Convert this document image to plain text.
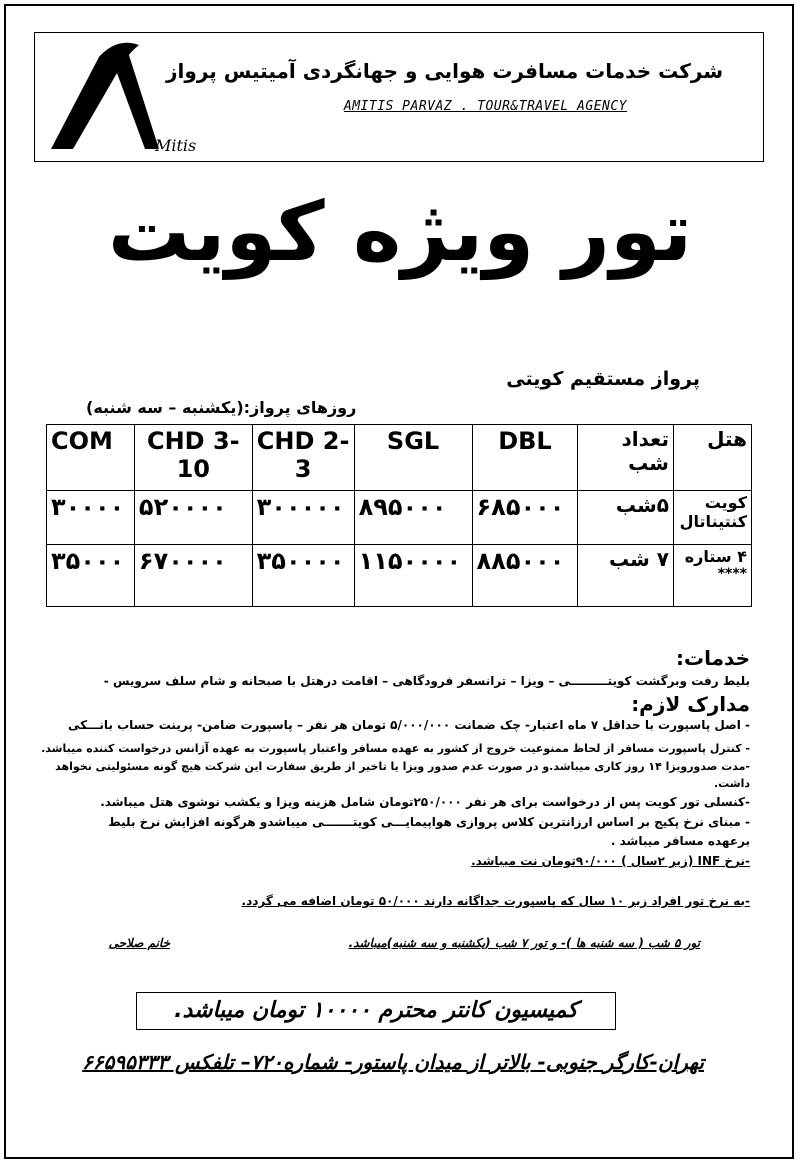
Mitis
شرکت خدمات مسافرت هوایی و جهانگردی آمیتیس پرواز
AMITIS PARVAZ . TOUR&TRAVEL AGENCY
تور ویژه کویت
پرواز مستقیم کویتی
روزهای پرواز:(یکشنبه – سه شنبه)
COM	CHD 3-10	CHD 2-3	SGL	DBL	تعداد شب	هتل
۳۰۰۰۰	۵۲۰۰۰۰	۳۰۰۰۰۰	۸۹۵۰۰۰	۶۸۵۰۰۰	۵شب	کویت کنتیناتال
۳۵۰۰۰	۶۷۰۰۰۰	۳۵۰۰۰۰	۱۱۵۰۰۰۰	۸۸۵۰۰۰	۷ شب	۴ ستاره
****
خدمات:
بلیط رفت وبرگشت کویتـــــــــی – ویزا – ترانسفر فرودگاهی – اقامت درهتل با صبحانه و شام سلف سرویس -
مدارک لازم:
- اصل پاسپورت با حداقل ۷ ماه اعتبار- چک ضمانت ۵/۰۰۰/۰۰۰ تومان هر نفر – پاسپورت ضامن- پرینت حساب بانـــکی
- کنترل پاسپورت مسافر از لحاظ ممنوعیت خروج از کشور به عهده مسافر واعتبار پاسپورت به عهده آژانس درخواست کننده میباشد.
-مدت صدورویزا ۱۴ روز کاری میباشد.و در صورت عدم صدور ویزا یا تاخیر از طریق سفارت این شرکت هیچ گونه مسئولیتی نخواهد
داشت.
-کنسلی تور کویت پس از درخواست برای هر نفر ۲۵۰/۰۰۰تومان شامل هزینه ویزا و یکشب نوشوی هتل میباشد.
- مبنای نرخ پکیج بر اساس ارزانترین کلاس پروازی هواپیمایـــی کویتـــــــی میباشدو هرگونه افزایش نرخ بلیط
برعهده مسافر میباشد .
-نرخ INF (زیر ۲سال ) ۹۰/۰۰۰تومان نت میباشد.
-به نرخ تور افراد زیر ۱۰ سال که پاسپورت جداگانه دارند ۵۰/۰۰۰ تومان اضافه می گردد.
تور ۵ شب ( سه شنبه ها )- و تور ۷ شب (یکشنبه و سه شنبه)میباشد.
خانم صلاحی
کمیسیون کانتر محترم ۱۰۰۰۰ تومان میباشد.
تهران-کارگر جنوبی- بالاتر از میدان پاستور- شماره۷۲۰– تلفکس ۶۶۵۹۵۳۳۳
